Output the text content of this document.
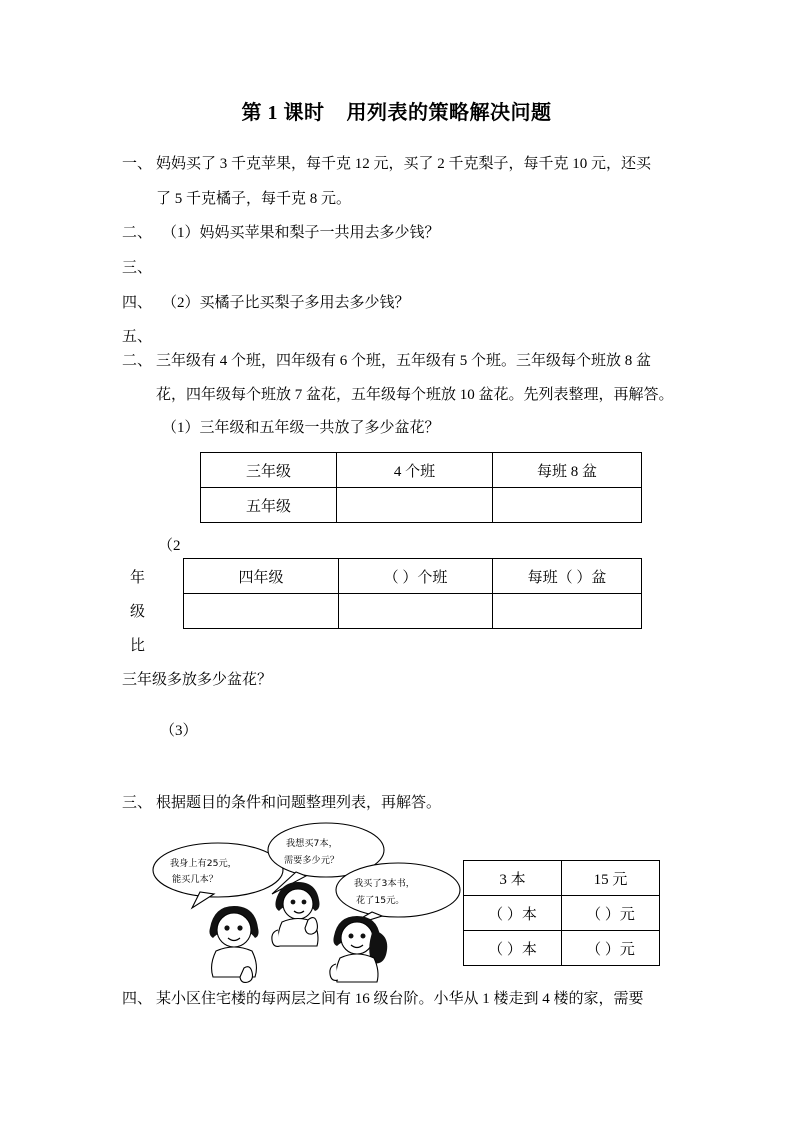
第 1 课时 用列表的策略解决问题
一、 妈妈买了 3 千克苹果，每千克 12 元，买了 2 千克梨子，每千克 10 元，还买
了 5 千克橘子，每千克 8 元。
二、 （1）妈妈买苹果和梨子一共用去多少钱？
三、
四、 （2）买橘子比买梨子多用去多少钱？
五、
二、 三年级有 4 个班，四年级有 6 个班，五年级有 5 个班。三年级每个班放 8 盆
花，四年级每个班放 7 盆花，五年级每个班放 10 盆花。先列表整理，再解答。
（1）三年级和五年级一共放了多少盆花？
三年级	4 个班	每班 8 盆
五年级		
（2
年
级
比
三年级多放多少盆花？
四年级	（ ）个班	每班（ ）盆

（3）
三、 根据题目的条件和问题整理列表，再解答。
我身上有25元，
能买几本？
我想买7本，
需要多少元？
我买了3本书，
花了15元。
3 本	15 元
（ ）本	（ ）元
（ ）本	（ ）元
四、 某小区住宅楼的每两层之间有 16 级台阶。小华从 1 楼走到 4 楼的家，需要
